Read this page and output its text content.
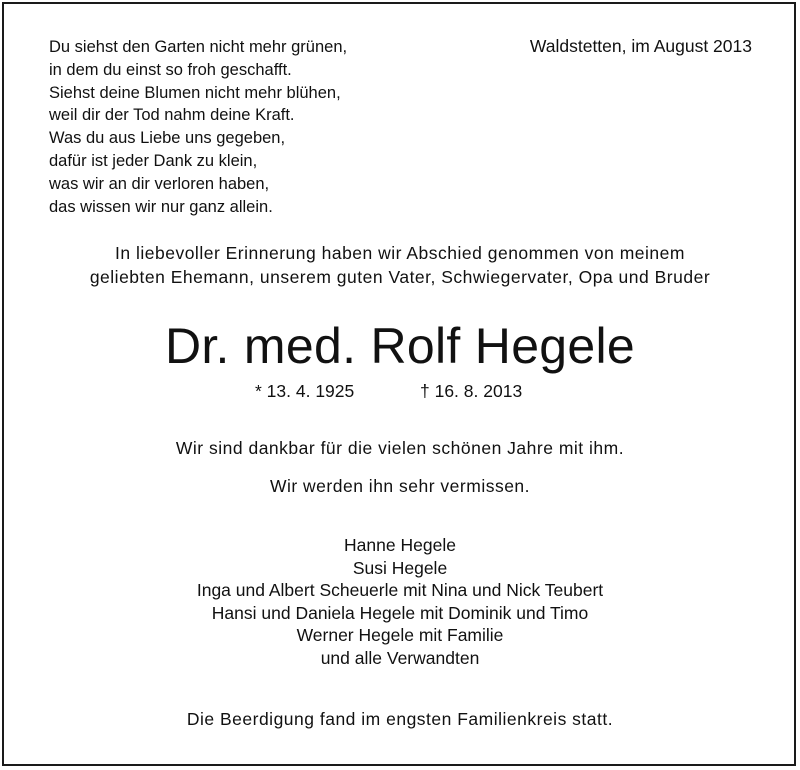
Du siehst den Garten nicht mehr grünen,
in dem du einst so froh geschafft.
Siehst deine Blumen nicht mehr blühen,
weil dir der Tod nahm deine Kraft.
Was du aus Liebe uns gegeben,
dafür ist jeder Dank zu klein,
was wir an dir verloren haben,
das wissen wir nur ganz allein.
Waldstetten, im August 2013
In liebevoller Erinnerung haben wir Abschied genommen von meinem
geliebten Ehemann, unserem guten Vater, Schwiegervater, Opa und Bruder
Dr. med. Rolf Hegele
* 13. 4. 1925	† 16. 8. 2013
Wir sind dankbar für die vielen schönen Jahre mit ihm.
Wir werden ihn sehr vermissen.
Hanne Hegele
Susi Hegele
Inga und Albert Scheuerle mit Nina und Nick Teubert
Hansi und Daniela Hegele mit Dominik und Timo
Werner Hegele mit Familie
und alle Verwandten
Die Beerdigung fand im engsten Familienkreis statt.
